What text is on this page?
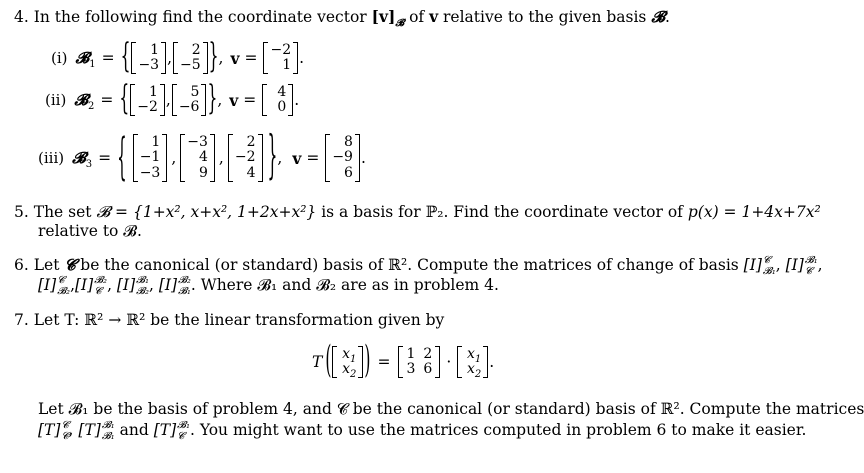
4. In the following find the coordinate vector $[v]_𝓑$ of v relative to the given basis 𝓑.
(i) 𝓑$_1$ = {	1
−3 ,	2
−5 } , v = −2
1 .
(ii) 𝓑$_2$ = {	1
−2 ,	5
−6 } , v =	4
0 .
(iii) 𝓑$_3$ = {	1
−1
−3
,
−3
4
9
,
2
−2
4 } , v =
8
−9
6
.
5. The set 𝓑 = {1+x², x+x², 1+2x+x²} is a basis for ℙ₂. Find the coordinate vector of p(x) = 1+4x+7x²
relative to 𝓑.
6. Let 𝓒 be the canonical (or standard) basis of ℝ². Compute the matrices of change of basis [I] 𝓒
𝓑₁ , [I] 𝓑₁
𝓒 ,
[I] 𝓒
𝓑₂ ,[I] 𝓑₂
𝓒 , [I] 𝓑₁
𝓑₂ , [I] 𝓑₂
𝓑₁ . Where 𝓑₁ and 𝓑₂ are as in problem 4.
7. Let T: ℝ² → ℝ² be the linear transformation given by
T ( $x_1$
$x_2$ ) = 1 2
3 $6 \cdot x_1$
$x_2$
.
Let 𝓑₁ be the basis of problem 4, and 𝓒 be the canonical (or standard) basis of ℝ². Compute the matrices
[T] 𝓒
𝓒 , [T] 𝓑₁
𝓑₁ and [T] 𝓑₁
𝓒 . You might want to use the matrices computed in problem 6 to make it easier.
